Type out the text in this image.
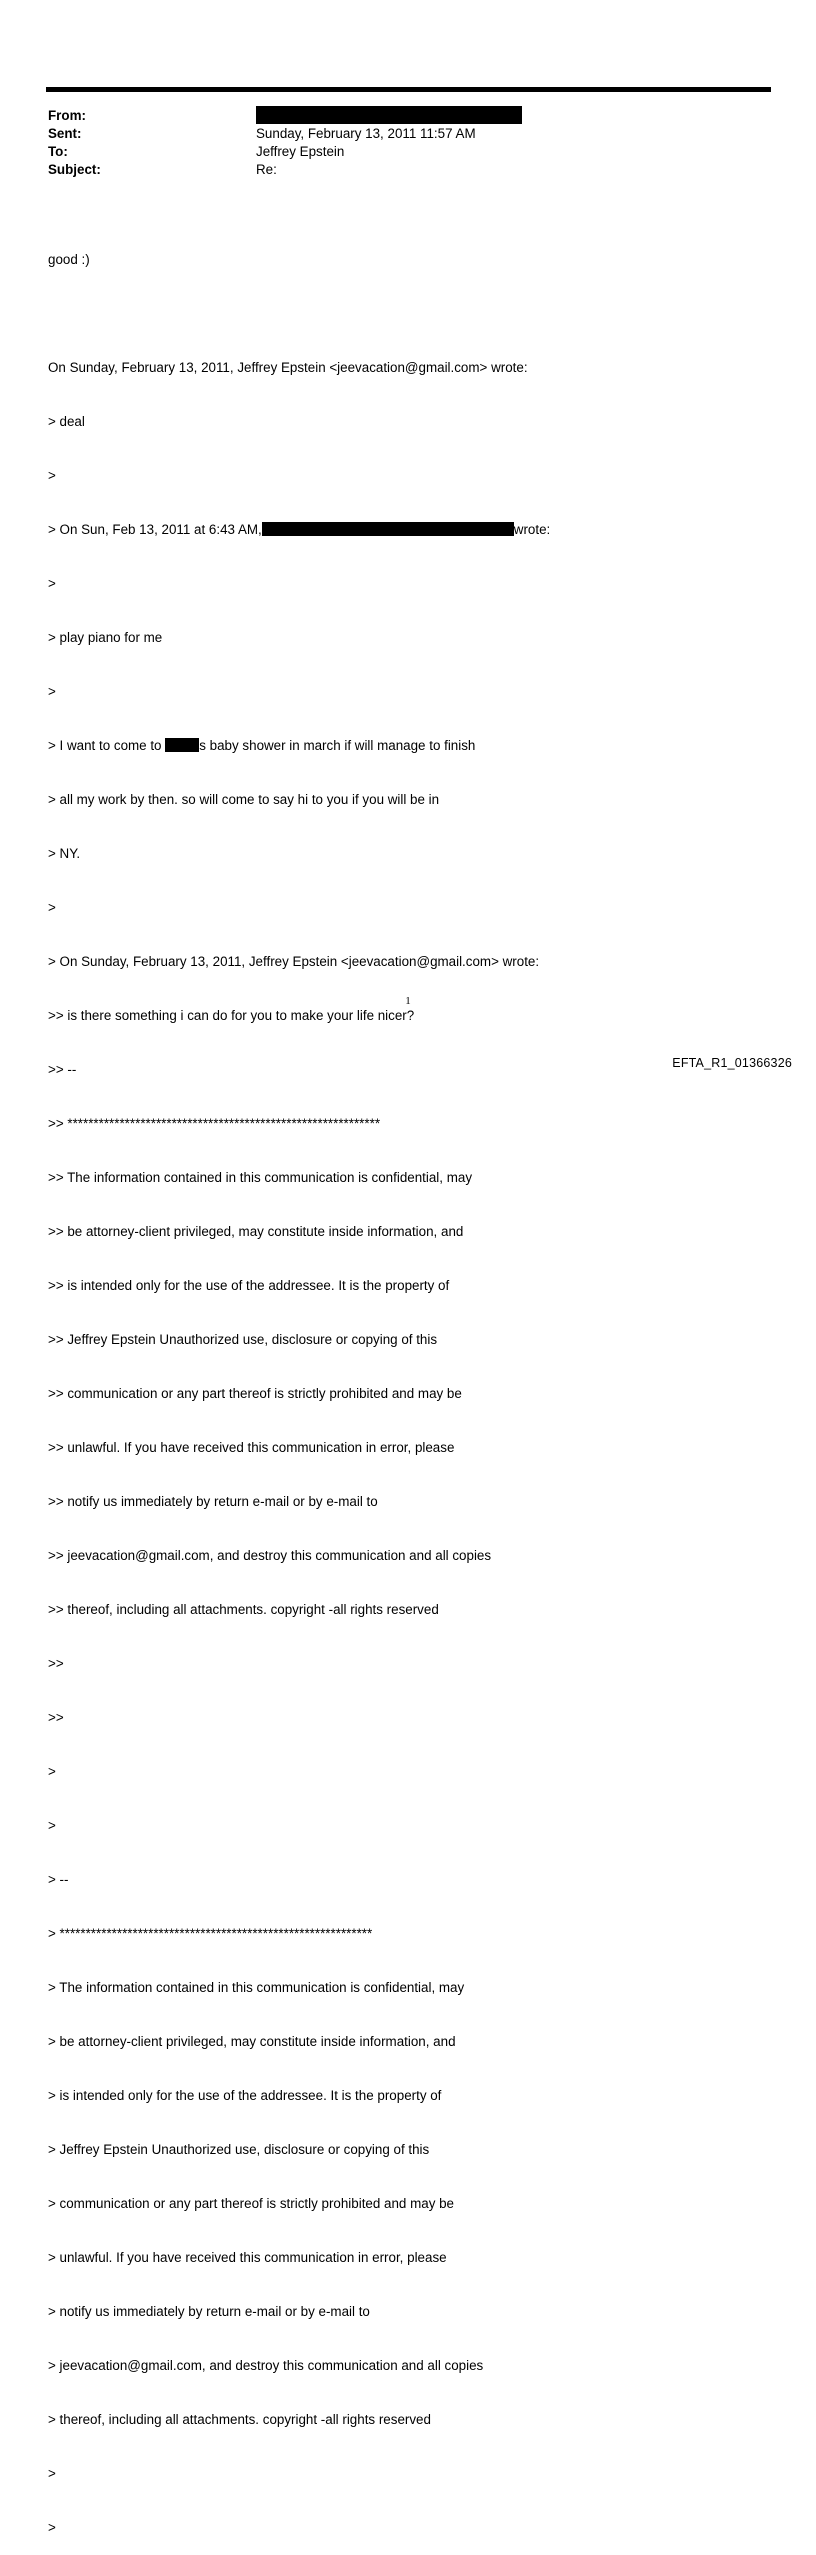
From:
Sent:	Sunday, February 13, 2011 11:57 AM
To:	Jeffrey Epstein
Subject:	Re:

good :)

On Sunday, February 13, 2011, Jeffrey Epstein <jeevacation@gmail.com> wrote:

> deal

>

> On Sun, Feb 13, 2011 at 6:43 AM,	wrote:

>

> play piano for me

>

> I want to come to	s baby shower in march if will manage to finish

> all my work by then. so will come to say hi to you if you will be in

> NY.

>

> On Sunday, February 13, 2011, Jeffrey Epstein <jeevacation@gmail.com> wrote:

>> is there something i can do for you to make your life nicer?

>> --

>> ************************************************************

>> The information contained in this communication is confidential, may

>> be attorney-client privileged, may constitute inside information, and

>> is intended only for the use of the addressee. It is the property of

>> Jeffrey Epstein Unauthorized use, disclosure or copying of this

>> communication or any part thereof is strictly prohibited and may be

>> unlawful. If you have received this communication in error, please

>> notify us immediately by return e-mail or by e-mail to

>> jeevacation@gmail.com, and destroy this communication and all copies

>> thereof, including all attachments. copyright -all rights reserved

>>

>>

>

>

> --

> ************************************************************

> The information contained in this communication is confidential, may

> be attorney-client privileged, may constitute inside information, and

> is intended only for the use of the addressee. It is the property of

> Jeffrey Epstein Unauthorized use, disclosure or copying of this

> communication or any part thereof is strictly prohibited and may be

> unlawful. If you have received this communication in error, please

> notify us immediately by return e-mail or by e-mail to

> jeevacation@gmail.com, and destroy this communication and all copies

> thereof, including all attachments. copyright -all rights reserved

>

>

1
EFTA_R1_01366326
